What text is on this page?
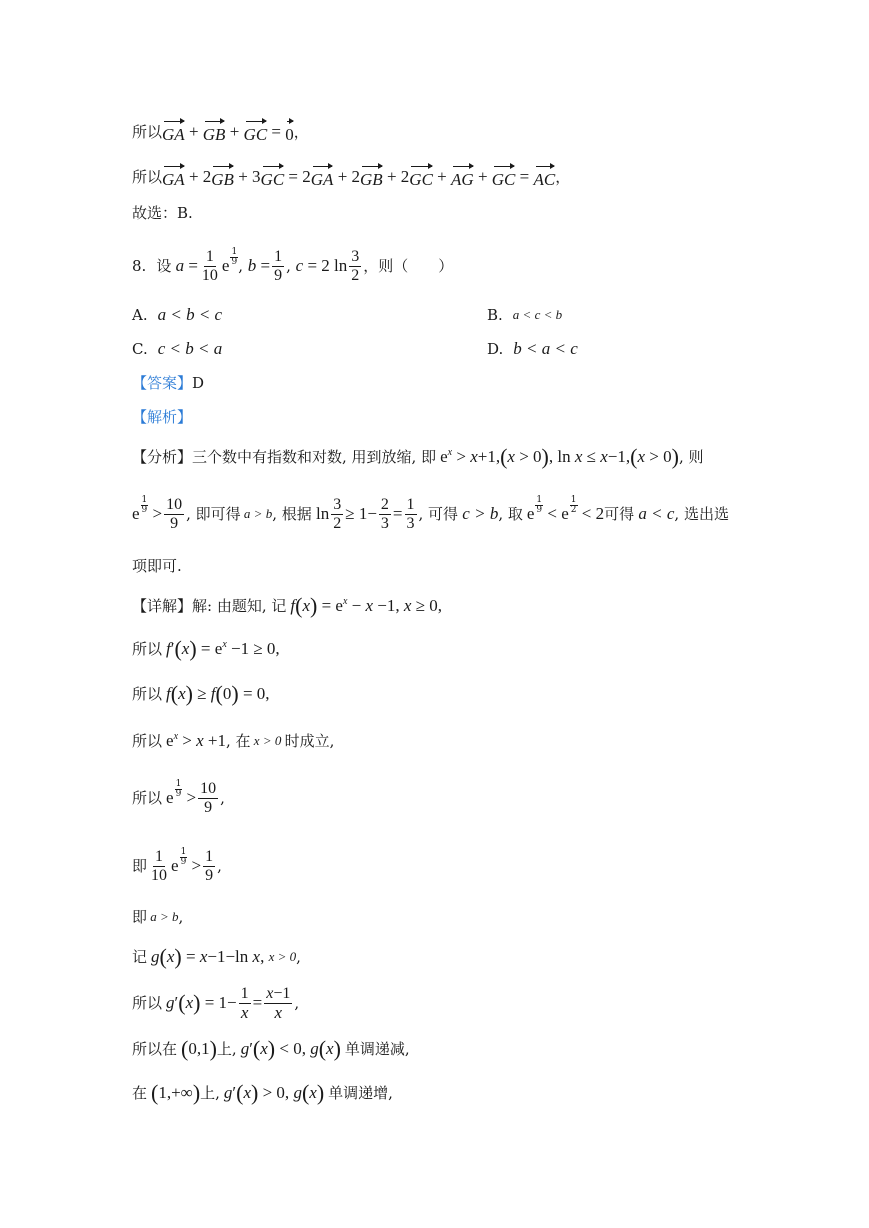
所以 GA + GB + GC = 0 ，
所以 GA + 2 GB + 3 GC = 2 GA + 2 GB + 2 GC + AG + GC = AC ，
故选：B.
8. 设 $a = \frac{1}{10}$ e $\frac{1}{9}$ , $b = \frac{1}{9}$ , c = 2 $\ln \frac{3}{2}$ ，则（　　）
A. a < b < c	B. a < c < b
C. c < b < a	D. b < a < c
【答案】 D
【解析】
【分析】 三个数中有指数和对数, 用到放缩, 即 e x > x +1, ( x > 0 ) , ln x ≤ x −1, ( x > 0 ) , 则
e $\frac{1}{9} > \frac{10}{9}$ , 即可得 a > b , 根据 $\ln \frac{3}{2} \ge 1- \frac{2}{3} = \frac{1}{3}$ , 可得 c > b , 取 e $\frac{1}{9} < e \frac{1}{2} < 2$ 可得 a < c , 选出选
项即可.
【详解】 解: 由题知, 记 f ( x ) = e x − x −1, x ≥ 0,
所以 f ′ ( x ) = e x −1 ≥ 0,
所以 f ( x ) ≥ f ( 0 ) = 0,
所以 e x > x +1 , 在 x > 0 时成立,
所以 e $\frac{1}{9} > \frac{10}{9}$ ,
即 $\frac{1}{10}$ e $\frac{1}{9} > \frac{1}{9}$ ,
即 a > b ,
记 g ( x ) = x −1−ln x , x > 0 ,
所以 g ′ ( x ) = $1- \frac{1}{x} = \frac{x-1}{x}$ ,
所以在 ( 0,1 ) 上, g ′ ( x ) < 0, g ( x ) 单调递减,
在 ( 1,+∞ ) 上, g ′ ( x ) > 0, g ( x ) 单调递增,
